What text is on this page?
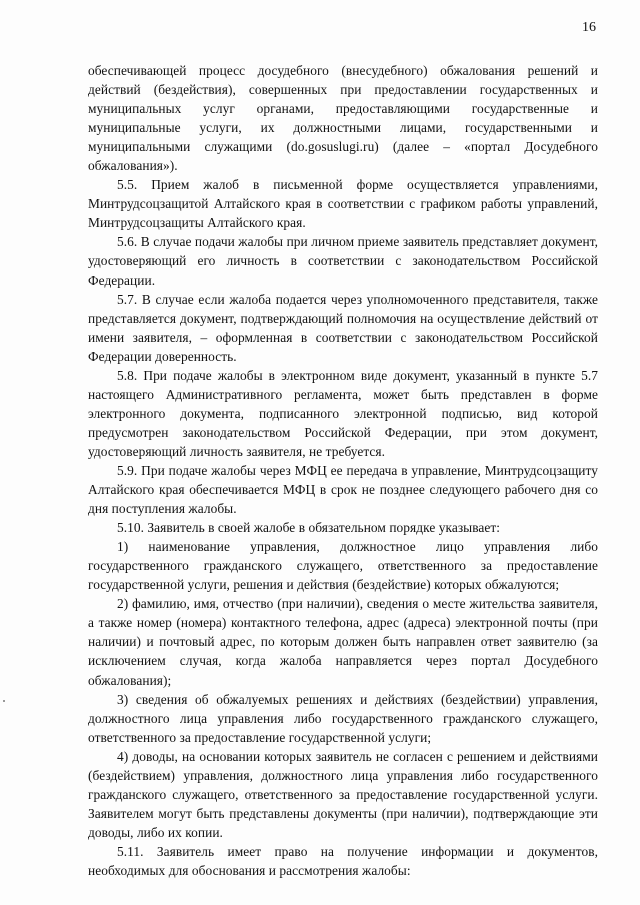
16

обеспечивающей процесс досудебного (внесудебного) обжалования решений и действий (бездействия), совершенных при предоставлении государственных и муниципальных услуг органами, предоставляющими государственные и муниципальные услуги, их должностными лицами, государственными и муниципальными служащими (do.gosuslugi.ru) (далее – «портал Досудебного обжалования»).

5.5. Прием жалоб в письменной форме осуществляется управлениями, Минтрудсоцзащитой Алтайского края в соответствии с графиком работы управлений, Минтрудсоцзащиты Алтайского края.

5.6. В случае подачи жалобы при личном приеме заявитель представляет документ, удостоверяющий его личность в соответствии с законодательством Российской Федерации.

5.7. В случае если жалоба подается через уполномоченного представителя, также представляется документ, подтверждающий полномочия на осуществление действий от имени заявителя, – оформленная в соответствии с законодательством Российской Федерации доверенность.

5.8. При подаче жалобы в электронном виде документ, указанный в пункте 5.7 настоящего Административного регламента, может быть представлен в форме электронного документа, подписанного электронной подписью, вид которой предусмотрен законодательством Российской Федерации, при этом документ, удостоверяющий личность заявителя, не требуется.

5.9. При подаче жалобы через МФЦ ее передача в управление, Минтрудсоцзащиту Алтайского края обеспечивается МФЦ в срок не позднее следующего рабочего дня со дня поступления жалобы.

5.10. Заявитель в своей жалобе в обязательном порядке указывает:

1) наименование управления, должностное лицо управления либо государственного гражданского служащего, ответственного за предоставление государственной услуги, решения и действия (бездействие) которых обжалуются;

2) фамилию, имя, отчество (при наличии), сведения о месте жительства заявителя, а также номер (номера) контактного телефона, адрес (адреса) электронной почты (при наличии) и почтовый адрес, по которым должен быть направлен ответ заявителю (за исключением случая, когда жалоба направляется через портал Досудебного обжалования);

3) сведения об обжалуемых решениях и действиях (бездействии) управления, должностного лица управления либо государственного гражданского служащего, ответственного за предоставление государственной услуги;

4) доводы, на основании которых заявитель не согласен с решением и действиями (бездействием) управления, должностного лица управления либо государственного гражданского служащего, ответственного за предоставление государственной услуги. Заявителем могут быть представлены документы (при наличии), подтверждающие эти доводы, либо их копии.

5.11. Заявитель имеет право на получение информации и документов, необходимых для обоснования и рассмотрения жалобы:
